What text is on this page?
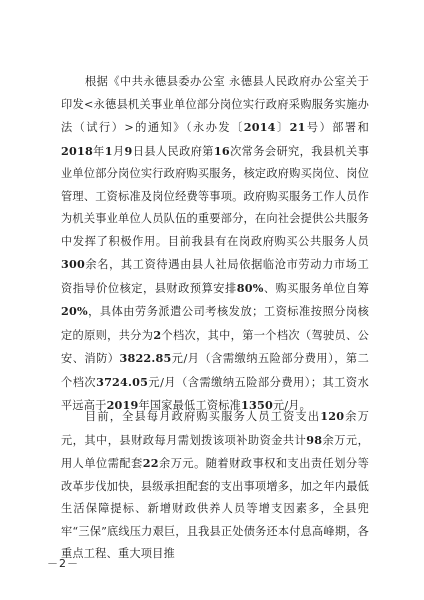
根据《中共永德县委办公室 永德县人民政府办公室关于印发<永德县机关事业单位部分岗位实行政府采购服务实施办法（试行）>的通知》（永办发〔2014〕21号）部署和2018年1月9日县人民政府第16次常务会研究，我县机关事业单位部分岗位实行政府购买服务，核定政府购买岗位、岗位管理、工资标准及岗位经费等事项。政府购买服务工作人员作为机关事业单位人员队伍的重要部分，在向社会提供公共服务中发挥了积极作用。目前我县有在岗政府购买公共服务人员300余名，其工资待遇由县人社局依据临沧市劳动力市场工资指导价位核定，县财政预算安排80%、购买服务单位自筹20%，具体由劳务派遣公司考核发放；工资标准按照分岗核定的原则，共分为2个档次，其中，第一个档次（驾驶员、公安、消防）3822.85元/月（含需缴纳五险部分费用），第二个档次3724.05元/月（含需缴纳五险部分费用）；其工资水平远高于2019年国家最低工资标准1350元/月。

目前，全县每月政府购买服务人员工资支出120余万元，其中，县财政每月需划拨该项补助资金共计98余万元，用人单位需配套22余万元。随着财政事权和支出责任划分等改革步伐加快，县级承担配套的支出事项增多，加之年内最低生活保障提标、新增财政供养人员等增支因素多，全县兜牢“三保”底线压力艰巨，且我县正处债务还本付息高峰期，各重点工程、重大项目推

－2－
